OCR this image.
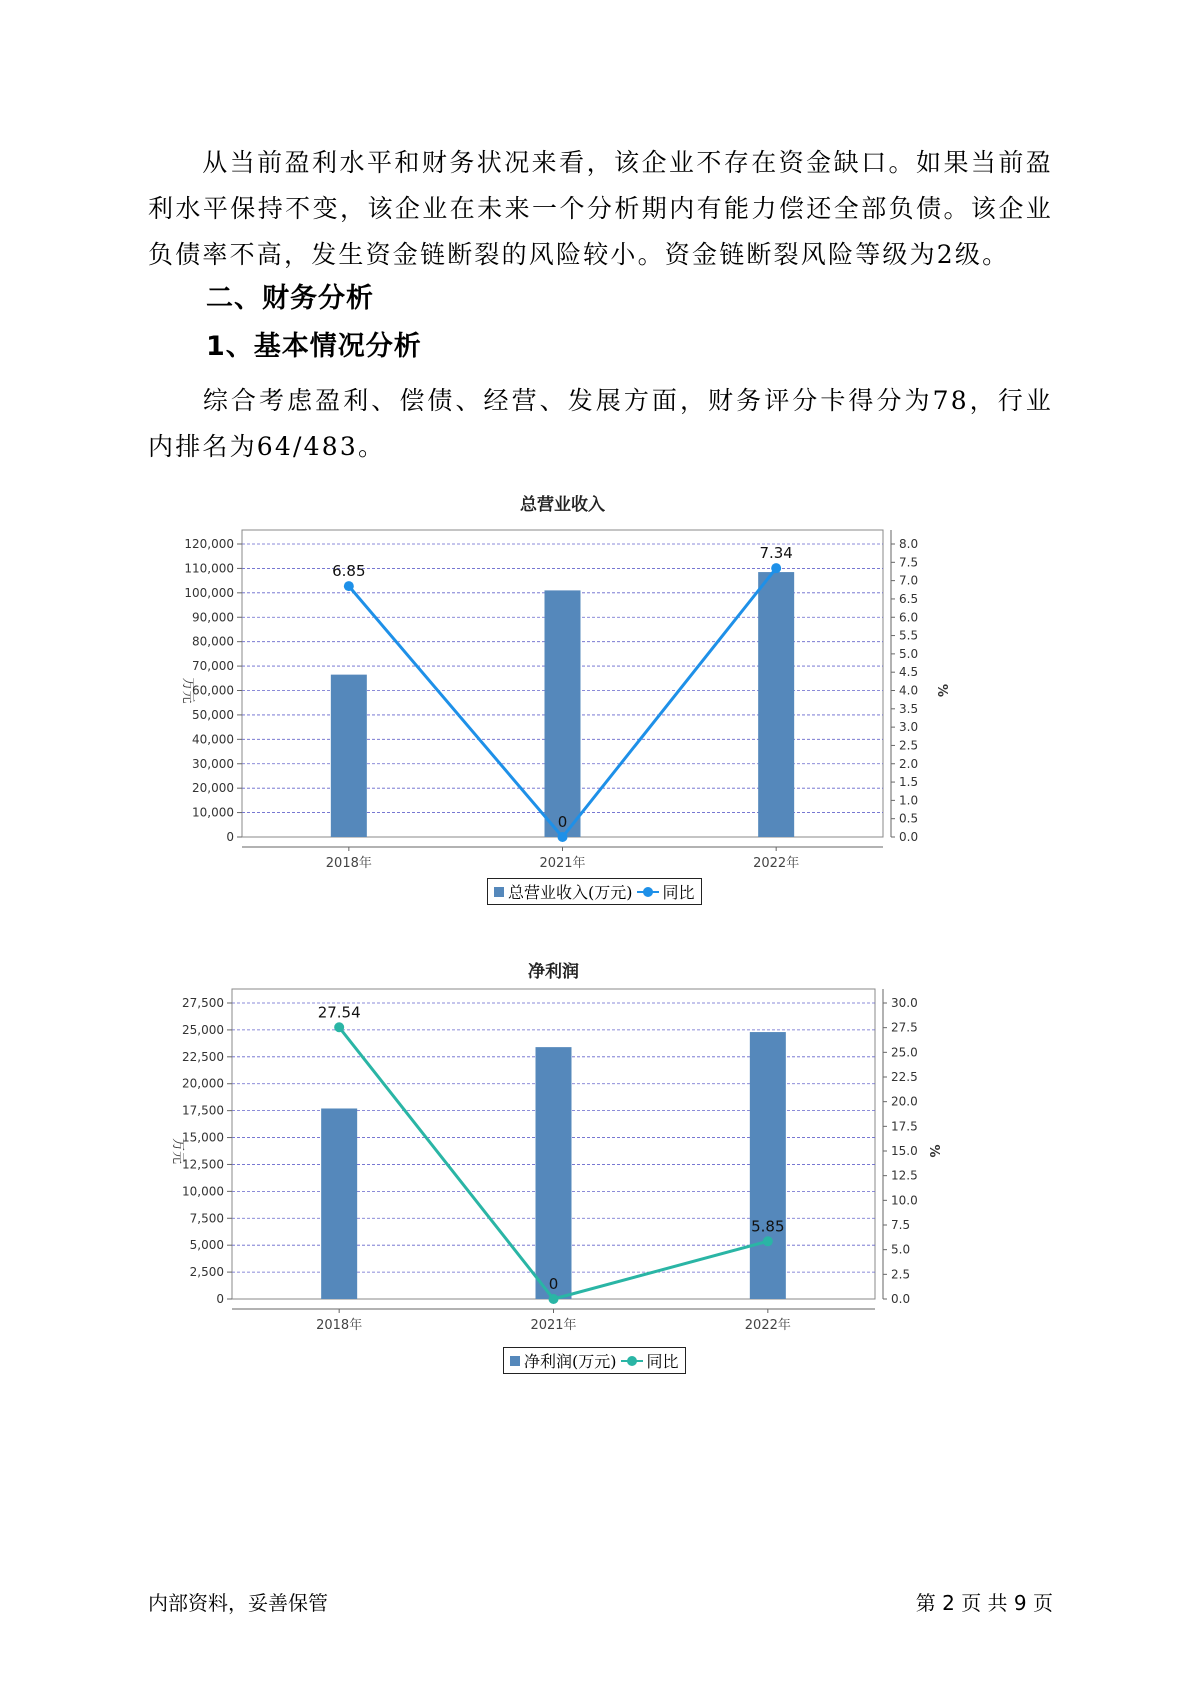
从当前盈利水平和财务状况来看，该企业不存在资金缺口。如果当前盈利水平保持不变，该企业在未来一个分析期内有能力偿还全部负债。该企业负债率不高，发生资金链断裂的风险较小。资金链断裂风险等级为2级。
二、财务分析
1、基本情况分析
综合考虑盈利、偿债、经营、发展方面，财务评分卡得分为78，行业内排名为64/483。
总营业收入
0
10,000
20,000
30,000
40,000
50,000
60,000
70,000
80,000
90,000
100,000
110,000
120,000
0.0
0.5
1.0
1.5
2.0
2.5
3.0
3.5
4.0
4.5
5.0
5.5
6.0
6.5
7.0
7.5
8.0
万元	%
2018年	2021年	2022年
6.85
0
7.34
总营业收入(万元) 同比
净利润
0
2,500
5,000
7,500
10,000
12,500
15,000
17,500
20,000
22,500
25,000
27,500
0.0
2.5
5.0
7.5
10.0
12.5
15.0
17.5
20.0
22.5
25.0
27.5
30.0
万元	%
2018年	2021年	2022年
27.54
0
5.85
净利润(万元) 同比
内部资料，妥善保管	第 2 页 共 9 页
